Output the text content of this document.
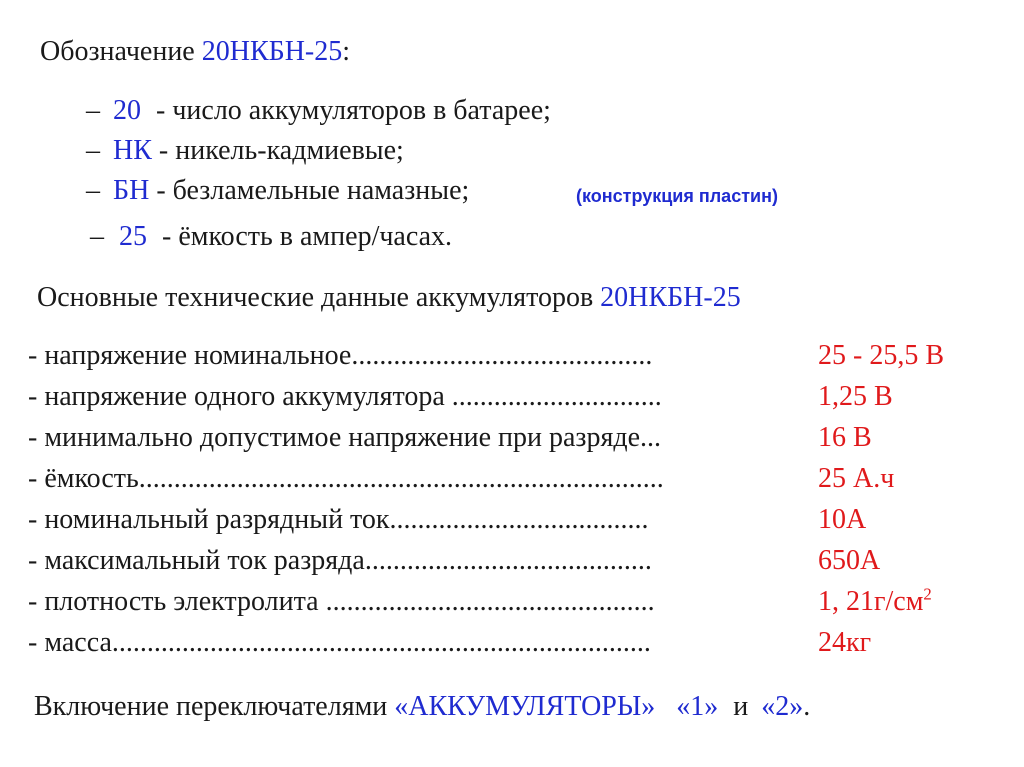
Обозначение 20НКБН-25:
– 20 - число аккумуляторов в батарее;
– НК - никель-кадмиевые;
– БН - безламельные намазные;	(конструкция пластин)
– 25 - ёмкость в ампер/часах.
Основные технические данные аккумуляторов 20НКБН-25
- напряжение номинальное...........................................	25 - 25,5 В
- напряжение одного аккумулятора ..............................	1,25 В
- минимально допустимое напряжение при разряде...	16 В
- ёмкость...........................................................................	25 А.ч
- номинальный разрядный ток.....................................	10А
- максимальный ток разряда.........................................	650А
- плотность электролита ...............................................	1, $21г/см^2$
- масса.............................................................................	24кг
Включение переключателями «АККУМУЛЯТОРЫ» «1» и «2».
